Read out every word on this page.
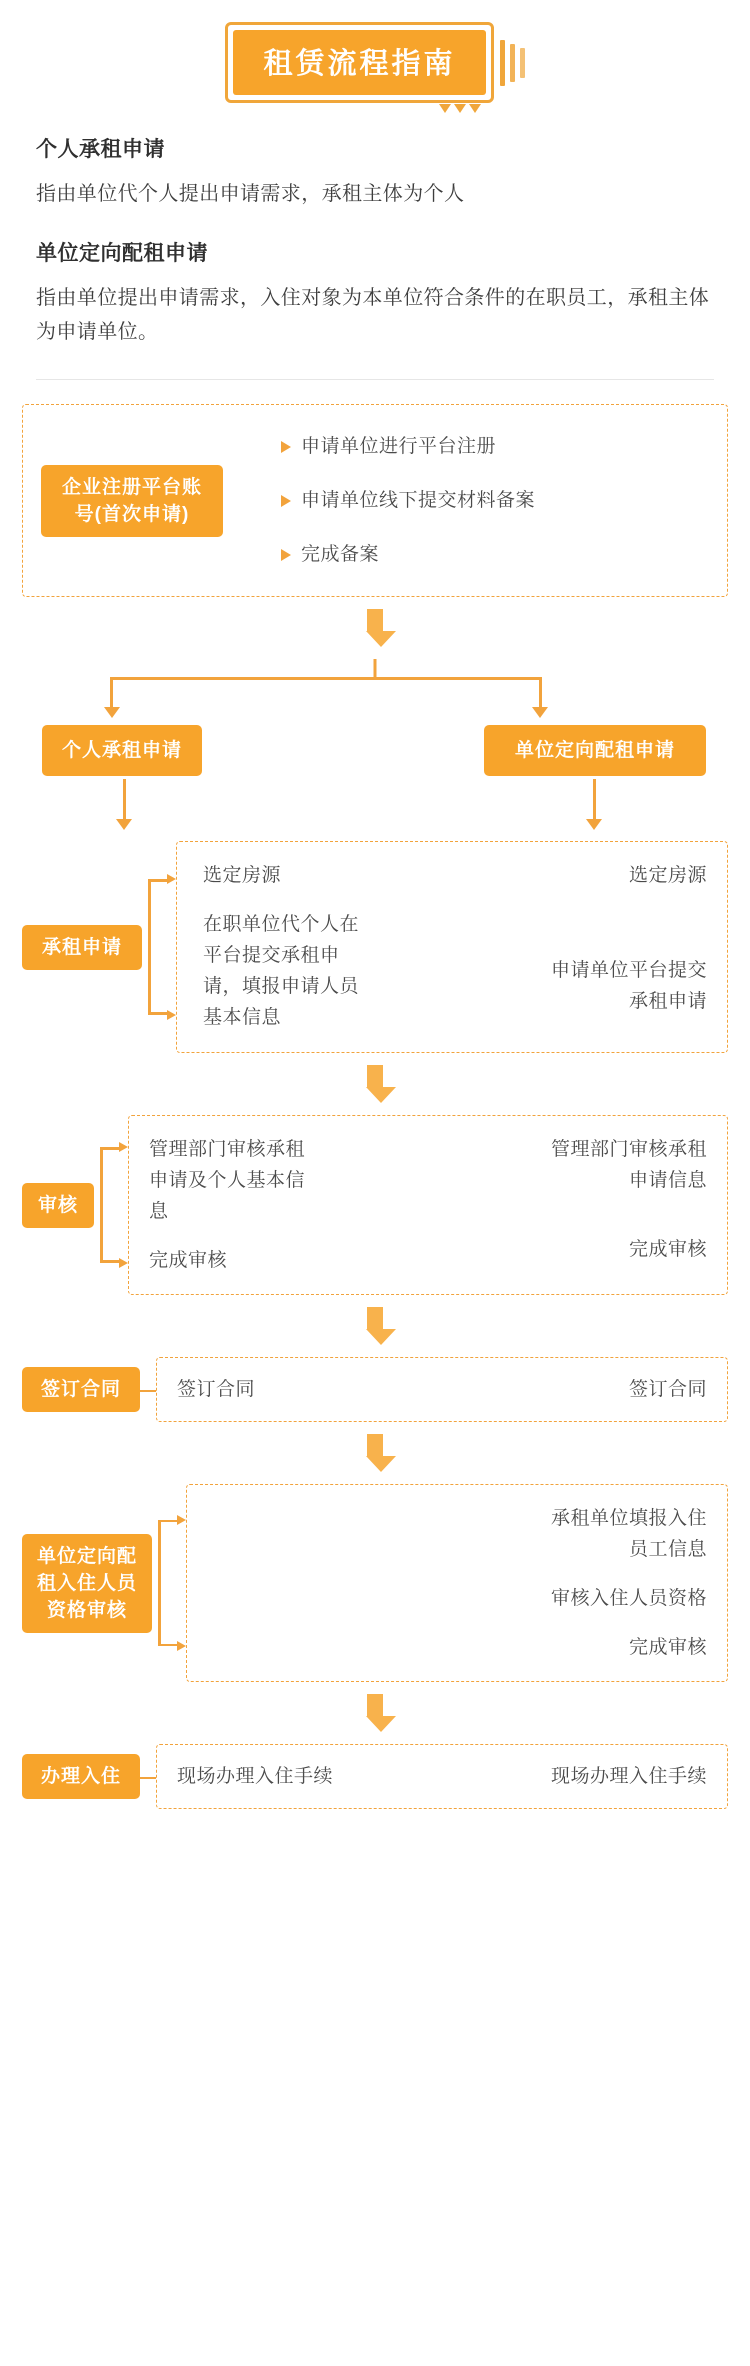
租赁流程指南
个人承租申请

指由单位代个人提出申请需求，承租主体为个人

单位定向配租申请

指由单位提出申请需求，入住对象为本单位符合条件的在职员工，承租主体为申请单位。

企业注册平台账号(首次申请)
申请单位进行平台注册
申请单位线下提交材料备案
完成备案
个人承租申请	单位定向配租申请
承租申请
选定房源
在职单位代个人在平台提交承租申请，填报申请人员基本信息
选定房源
申请单位平台提交承租申请
审核
管理部门审核承租申请及个人基本信息
完成审核
管理部门审核承租申请信息
完成审核
签订合同	签订合同	签订合同
单位定向配租入住人员资格审核
承租单位填报入住员工信息
审核入住人员资格
完成审核
办理入住	现场办理入住手续	现场办理入住手续
